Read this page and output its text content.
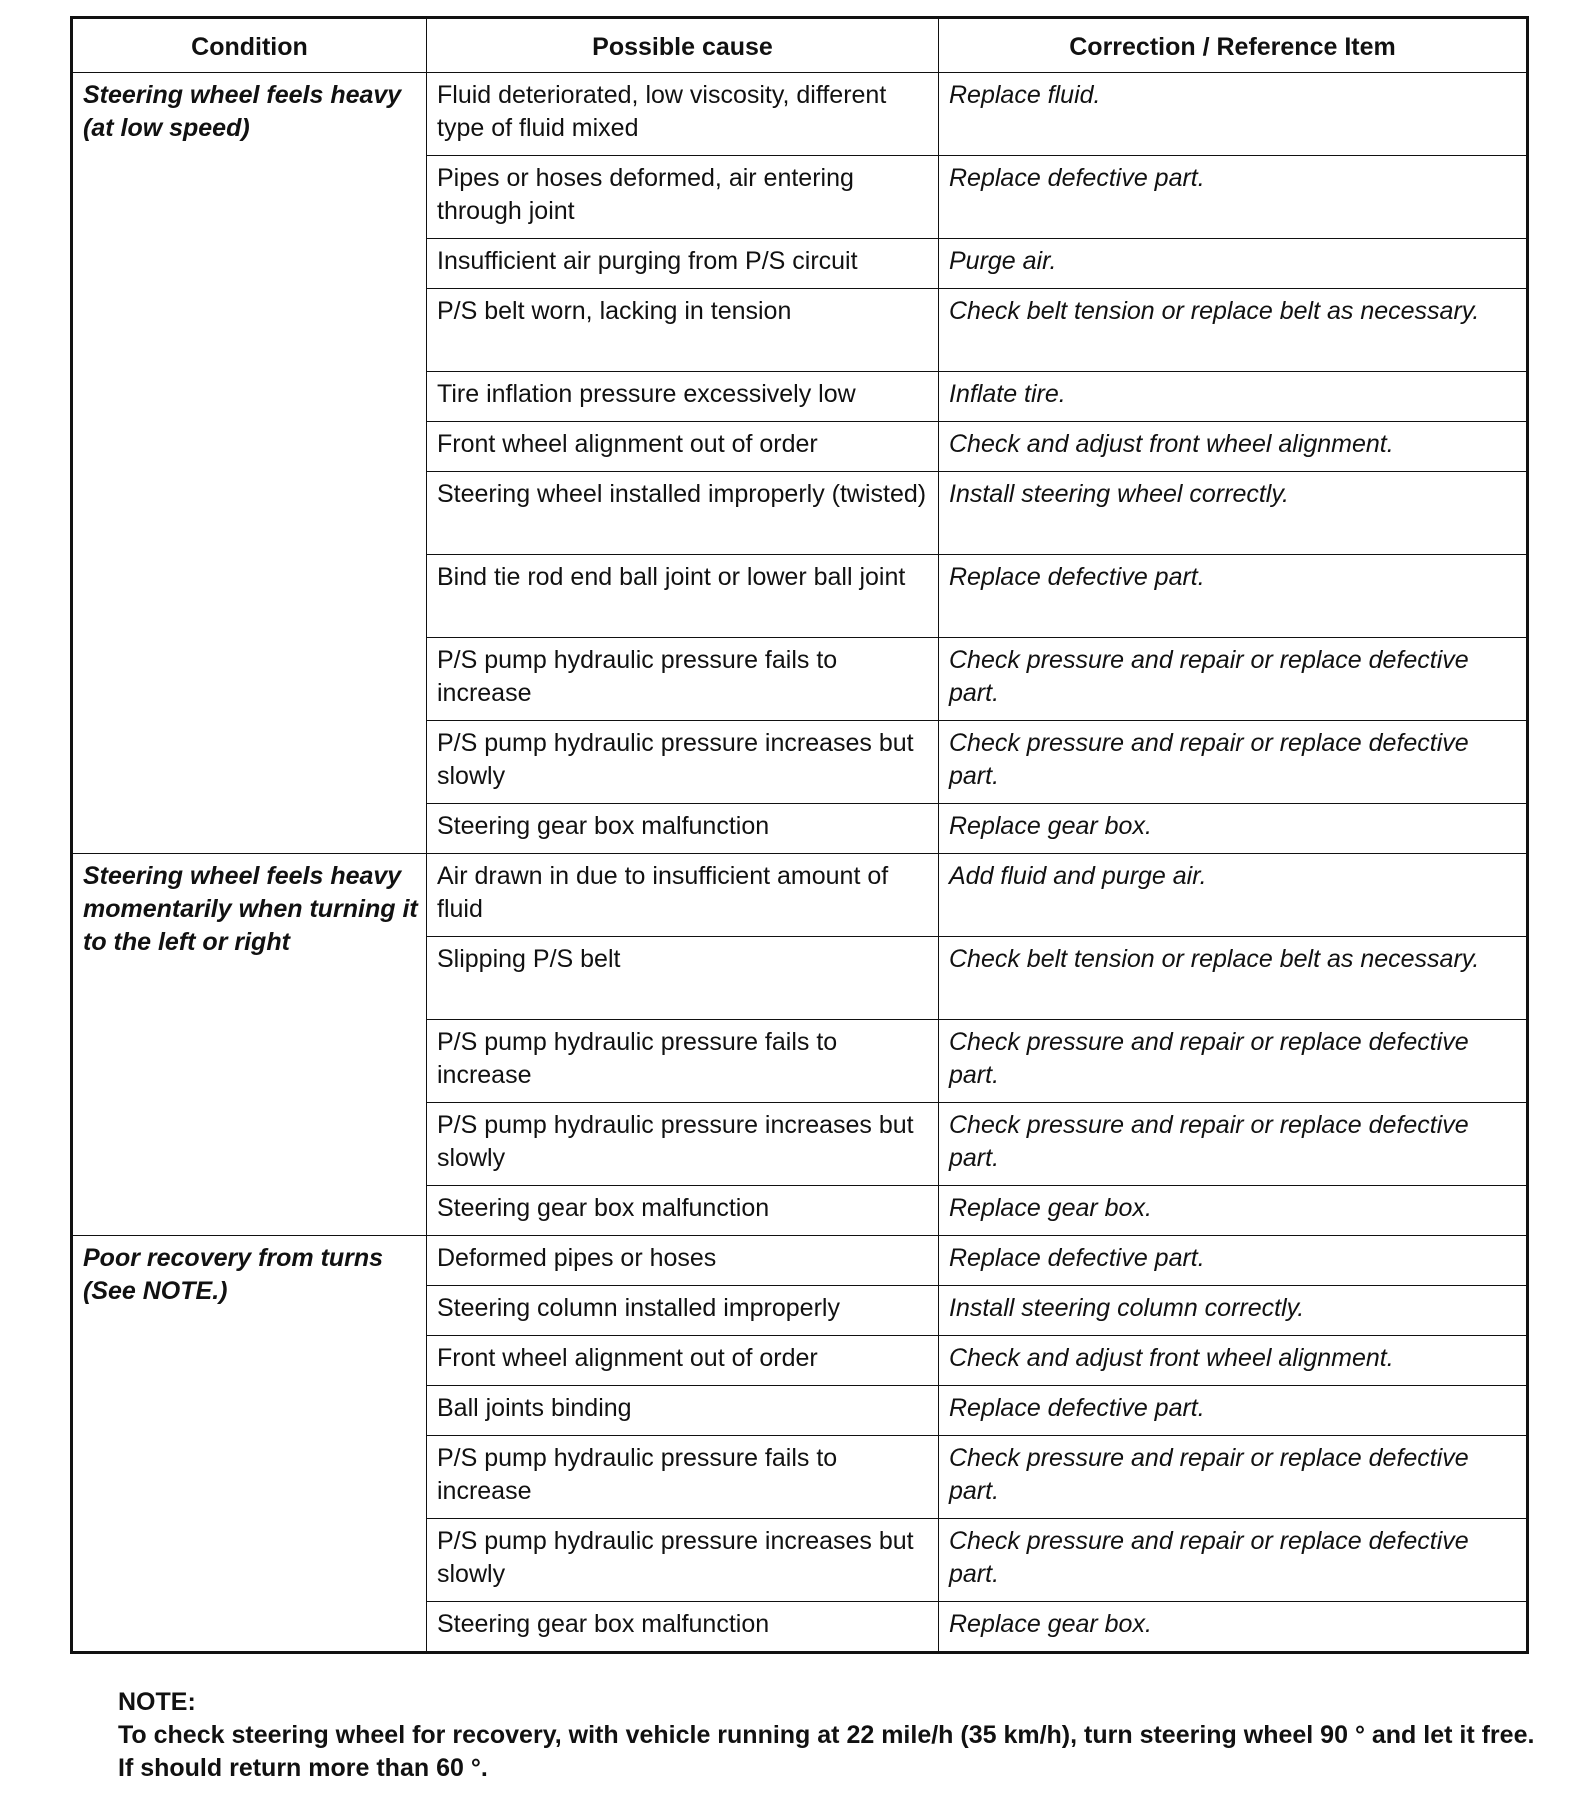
Condition	Possible cause	Correction / Reference Item
Steering wheel feels heavy (at low speed)	Fluid deteriorated, low viscosity, different type of fluid mixed	Replace fluid.
	Pipes or hoses deformed, air entering through joint	Replace defective part.
	Insufficient air purging from P/S circuit	Purge air.
	P/S belt worn, lacking in tension	Check belt tension or replace belt as necessary.
	Tire inflation pressure excessively low	Inflate tire.
	Front wheel alignment out of order	Check and adjust front wheel alignment.
	Steering wheel installed improperly (twisted)	Install steering wheel correctly.
	Bind tie rod end ball joint or lower ball joint	Replace defective part.
	P/S pump hydraulic pressure fails to increase	Check pressure and repair or replace defective part.
	P/S pump hydraulic pressure increases but slowly	Check pressure and repair or replace defective part.
	Steering gear box malfunction	Replace gear box.
Steering wheel feels heavy momentarily when turning it to the left or right	Air drawn in due to insufficient amount of fluid	Add fluid and purge air.
	Slipping P/S belt	Check belt tension or replace belt as necessary.
	P/S pump hydraulic pressure fails to increase	Check pressure and repair or replace defective part.
	P/S pump hydraulic pressure increases but slowly	Check pressure and repair or replace defective part.
	Steering gear box malfunction	Replace gear box.
Poor recovery from turns (See NOTE.)	Deformed pipes or hoses	Replace defective part.
	Steering column installed improperly	Install steering column correctly.
	Front wheel alignment out of order	Check and adjust front wheel alignment.
	Ball joints binding	Replace defective part.
	P/S pump hydraulic pressure fails to increase	Check pressure and repair or replace defective part.
	P/S pump hydraulic pressure increases but slowly	Check pressure and repair or replace defective part.
	Steering gear box malfunction	Replace gear box.
NOTE:
To check steering wheel for recovery, with vehicle running at 22 mile/h (35 km/h), turn steering wheel 90 ° and let it free. If should return more than 60 °.
